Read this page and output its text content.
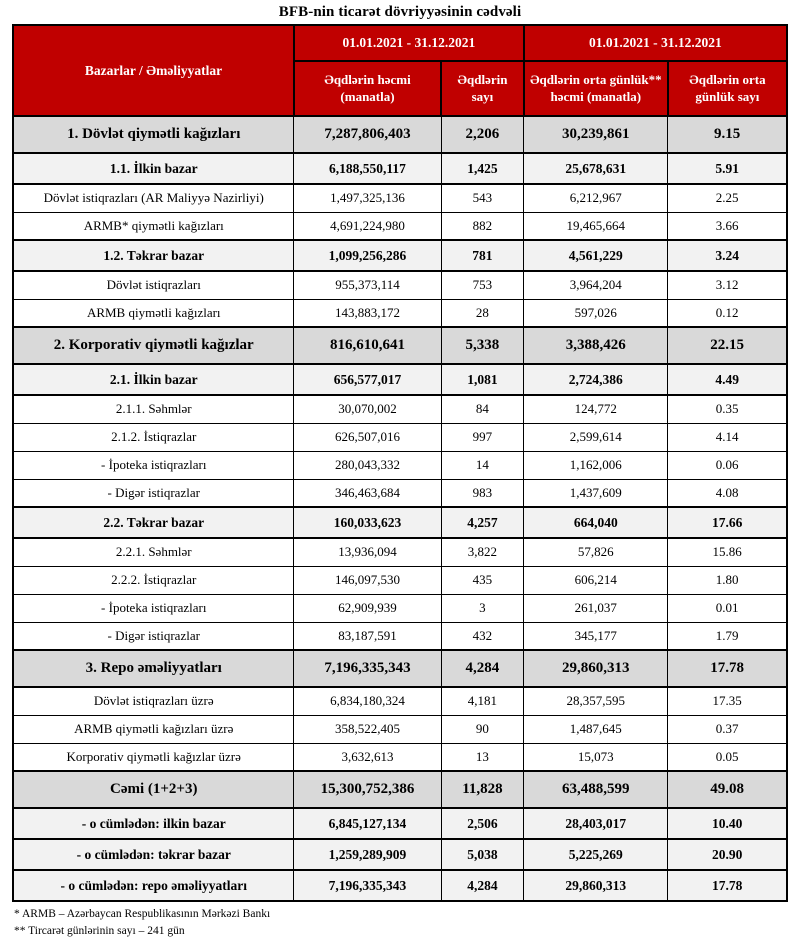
BFB-nin ticarət dövriyyəsinin cədvəli
Bazarlar / Əməliyyatlar	01.01.2021 - 31.12.2021		01.01.2021 - 31.12.2021	
	Əqdlərin həcmi (manatla)	Əqdlərin sayı	Əqdlərin orta günlük** həcmi (manatla)	Əqdlərin orta günlük sayı
1. Dövlət qiymətli kağızları	7,287,806,403	2,206	30,239,861	9.15
1.1. İlkin bazar	6,188,550,117	1,425	25,678,631	5.91
Dövlət istiqrazları (AR Maliyyə Nazirliyi)	1,497,325,136	543	6,212,967	2.25
ARMB* qiymətli kağızları	4,691,224,980	882	19,465,664	3.66
1.2. Təkrar bazar	1,099,256,286	781	4,561,229	3.24
Dövlət istiqrazları	955,373,114	753	3,964,204	3.12
ARMB qiymətli kağızları	143,883,172	28	597,026	0.12
2. Korporativ qiymətli kağızlar	816,610,641	5,338	3,388,426	22.15
2.1. İlkin bazar	656,577,017	1,081	2,724,386	4.49
2.1.1. Səhmlər	30,070,002	84	124,772	0.35
2.1.2. İstiqrazlar	626,507,016	997	2,599,614	4.14
- İpoteka istiqrazları	280,043,332	14	1,162,006	0.06
- Digər istiqrazlar	346,463,684	983	1,437,609	4.08
2.2. Təkrar bazar	160,033,623	4,257	664,040	17.66
2.2.1. Səhmlər	13,936,094	3,822	57,826	15.86
2.2.2. İstiqrazlar	146,097,530	435	606,214	1.80
- İpoteka istiqrazları	62,909,939	3	261,037	0.01
- Digər istiqrazlar	83,187,591	432	345,177	1.79
3. Repo əməliyyatları	7,196,335,343	4,284	29,860,313	17.78
Dövlət istiqrazları üzrə	6,834,180,324	4,181	28,357,595	17.35
ARMB qiymətli kağızları üzrə	358,522,405	90	1,487,645	0.37
Korporativ qiymətli kağızlar üzrə	3,632,613	13	15,073	0.05
Cəmi (1+2+3)	15,300,752,386	11,828	63,488,599	49.08
- o cümlədən: ilkin bazar	6,845,127,134	2,506	28,403,017	10.40
- o cümlədən: təkrar bazar	1,259,289,909	5,038	5,225,269	20.90
- o cümlədən: repo əməliyyatları	7,196,335,343	4,284	29,860,313	17.78
* ARMB – Azərbaycan Respublikasının Mərkəzi Bankı
** Tircarət günlərinin sayı – 241 gün
